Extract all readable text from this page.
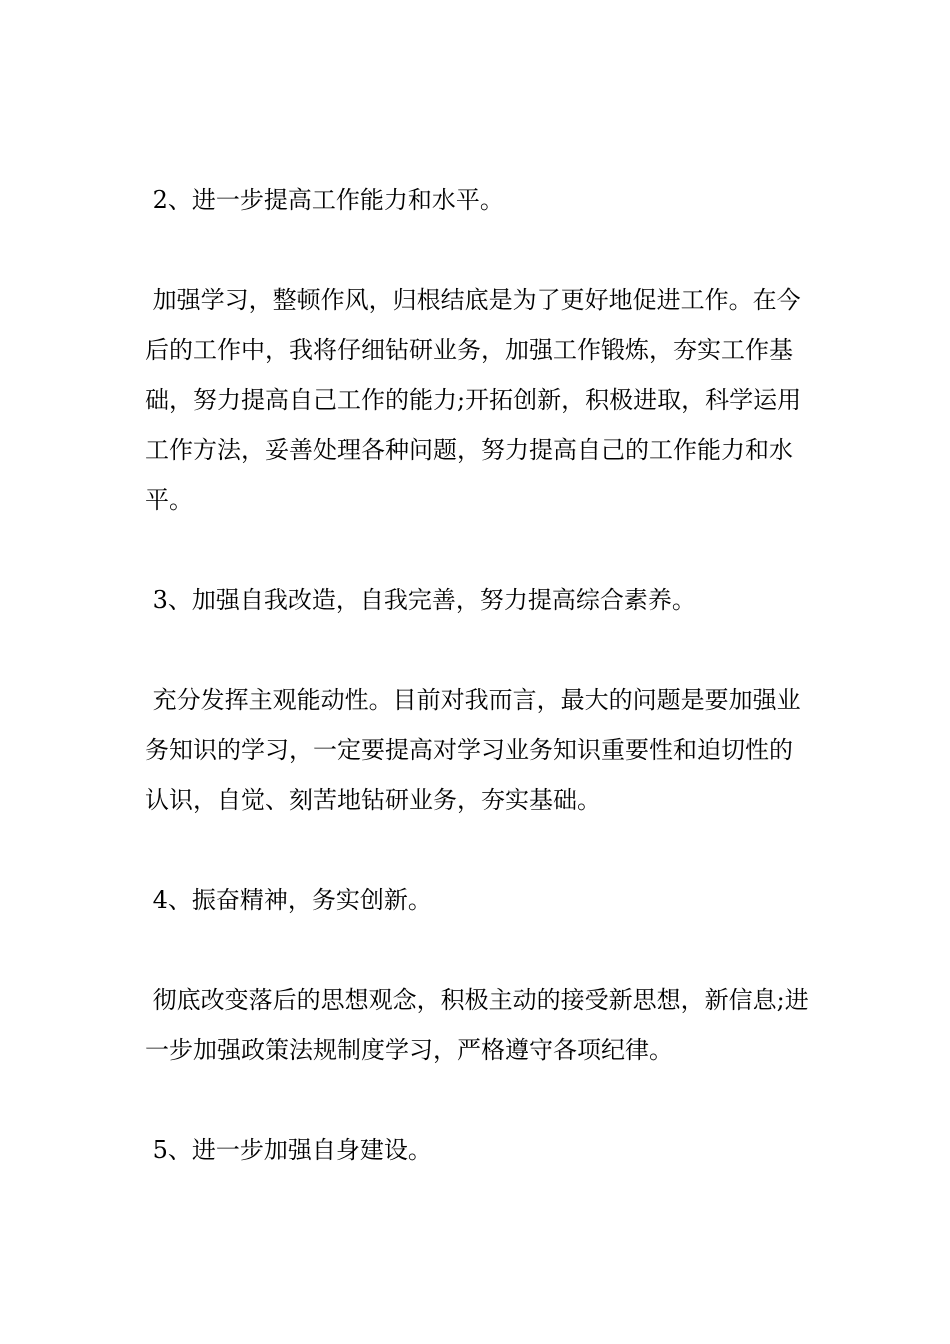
2、进一步提高工作能力和水平。

加强学习，整顿作风，归根结底是为了更好地促进工作。在今后的工作中，我将仔细钻研业务，加强工作锻炼，夯实工作基础，努力提高自己工作的能力;开拓创新，积极进取，科学运用工作方法，妥善处理各种问题，努力提高自己的工作能力和水平。

3、加强自我改造，自我完善，努力提高综合素养。

充分发挥主观能动性。目前对我而言，最大的问题是要加强业务知识的学习，一定要提高对学习业务知识重要性和迫切性的认识，自觉、刻苦地钻研业务，夯实基础。

4、振奋精神，务实创新。

彻底改变落后的思想观念，积极主动的接受新思想，新信息;进一步加强政策法规制度学习，严格遵守各项纪律。

5、进一步加强自身建设。
